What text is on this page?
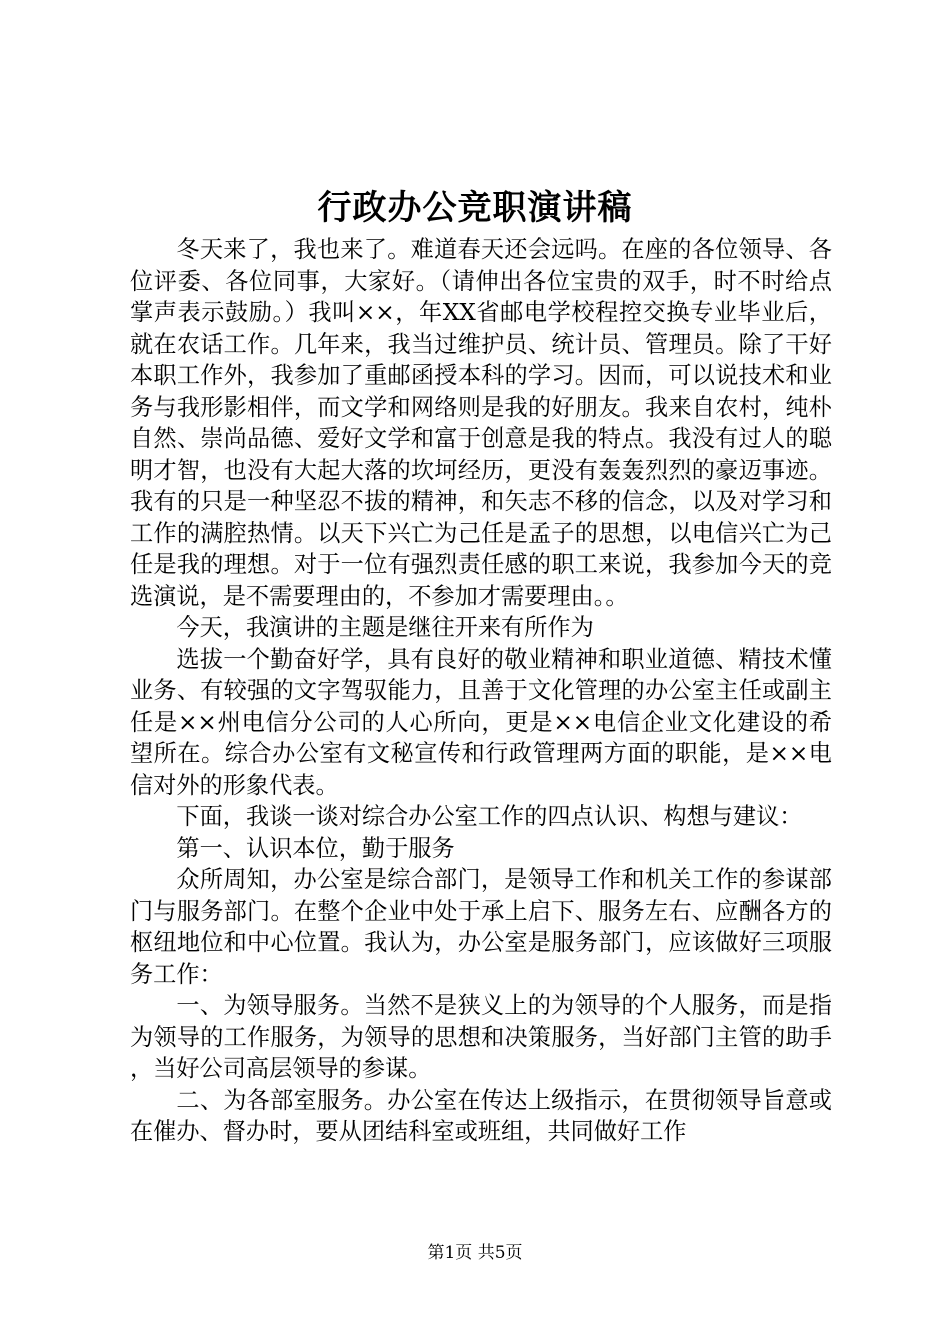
行政办公竞职演讲稿

冬天来了，我也来了。难道春天还会远吗。在座的各位领导、各位评委、各位同事，大家好。（请伸出各位宝贵的双手，时不时给点掌声表示鼓励。）我叫××，年XX省邮电学校程控交换专业毕业后，就在农话工作。几年来，我当过维护员、统计员、管理员。除了干好本职工作外，我参加了重邮函授本科的学习。因而，可以说技术和业务与我形影相伴，而文学和网络则是我的好朋友。我来自农村，纯朴自然、崇尚品德、爱好文学和富于创意是我的特点。我没有过人的聪明才智，也没有大起大落的坎坷经历，更没有轰轰烈烈的豪迈事迹。我有的只是一种坚忍不拔的精神，和矢志不移的信念，以及对学习和工作的满腔热情。以天下兴亡为己任是孟子的思想，以电信兴亡为己任是我的理想。对于一位有强烈责任感的职工来说，我参加今天的竞选演说，是不需要理由的，不参加才需要理由。。

今天，我演讲的主题是继往开来有所作为

选拔一个勤奋好学，具有良好的敬业精神和职业道德、精技术懂业务、有较强的文字驾驭能力，且善于文化管理的办公室主任或副主任是××州电信分公司的人心所向，更是××电信企业文化建设的希望所在。综合办公室有文秘宣传和行政管理两方面的职能，是××电信对外的形象代表。

下面，我谈一谈对综合办公室工作的四点认识、构想与建议：

第一、认识本位，勤于服务

众所周知，办公室是综合部门，是领导工作和机关工作的参谋部门与服务部门。在整个企业中处于承上启下、服务左右、应酬各方的枢纽地位和中心位置。我认为，办公室是服务部门，应该做好三项服务工作：

一、为领导服务。当然不是狭义上的为领导的个人服务，而是指为领导的工作服务，为领导的思想和决策服务，当好部门主管的助手，当好公司高层领导的参谋。

二、为各部室服务。办公室在传达上级指示，在贯彻领导旨意或在催办、督办时，要从团结科室或班组，共同做好工作

第1页 共5页
